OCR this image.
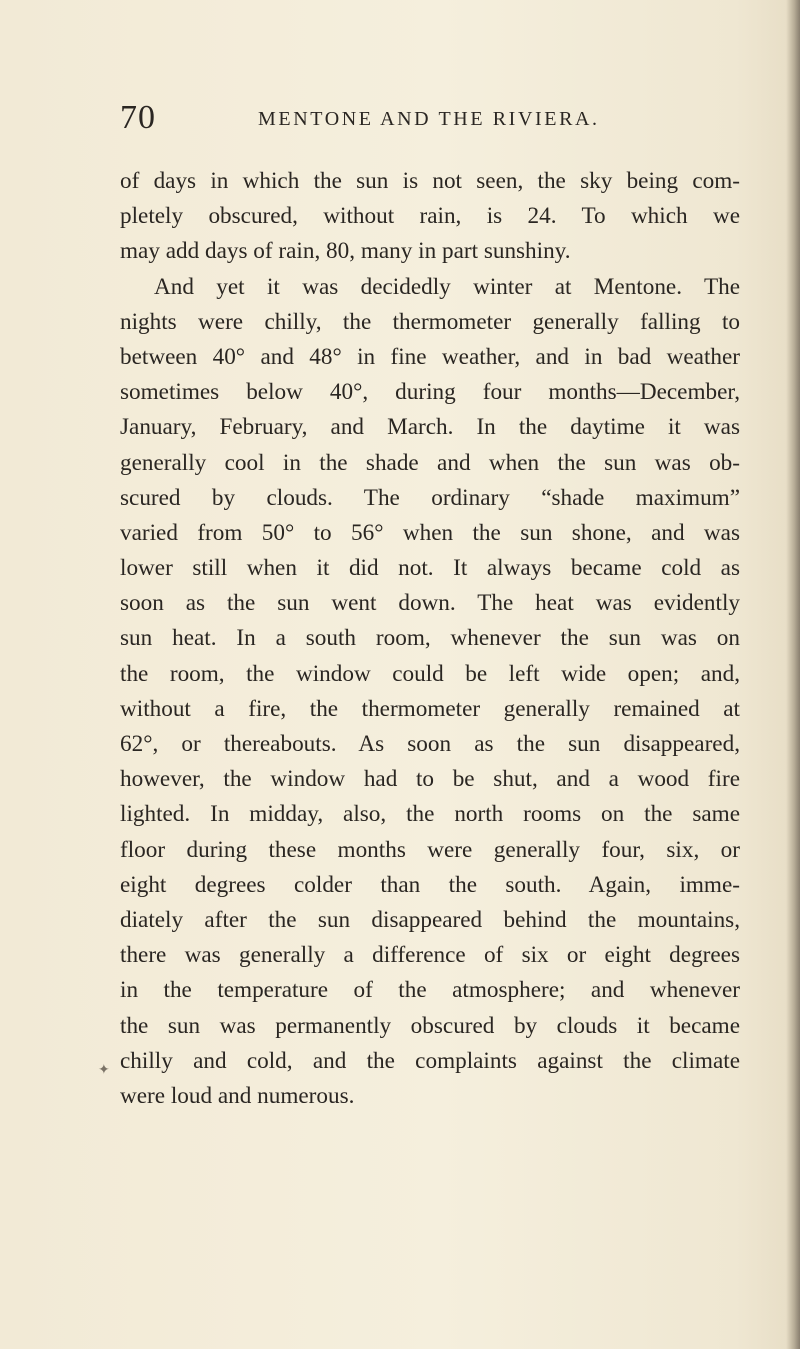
70	MENTONE AND THE RIVIERA.
of days in which the sun is not seen, the sky being com-
pletely obscured, without rain, is 24. To which we
may add days of rain, 80, many in part sunshiny.
And yet it was decidedly winter at Mentone. The
nights were chilly, the thermometer generally falling to
between 40° and 48° in fine weather, and in bad weather
sometimes below 40°, during four months—December,
January, February, and March. In the daytime it was
generally cool in the shade and when the sun was ob-
scured by clouds. The ordinary “shade maximum”
varied from 50° to 56° when the sun shone, and was
lower still when it did not. It always became cold as
soon as the sun went down. The heat was evidently
sun heat. In a south room, whenever the sun was on
the room, the window could be left wide open; and,
without a fire, the thermometer generally remained at
62°, or thereabouts. As soon as the sun disappeared,
however, the window had to be shut, and a wood fire
lighted. In midday, also, the north rooms on the same
floor during these months were generally four, six, or
eight degrees colder than the south. Again, imme-
diately after the sun disappeared behind the mountains,
there was generally a difference of six or eight degrees
in the temperature of the atmosphere; and whenever
the sun was permanently obscured by clouds it became
chilly and cold, and the complaints against the climate
were loud and numerous.
✦
